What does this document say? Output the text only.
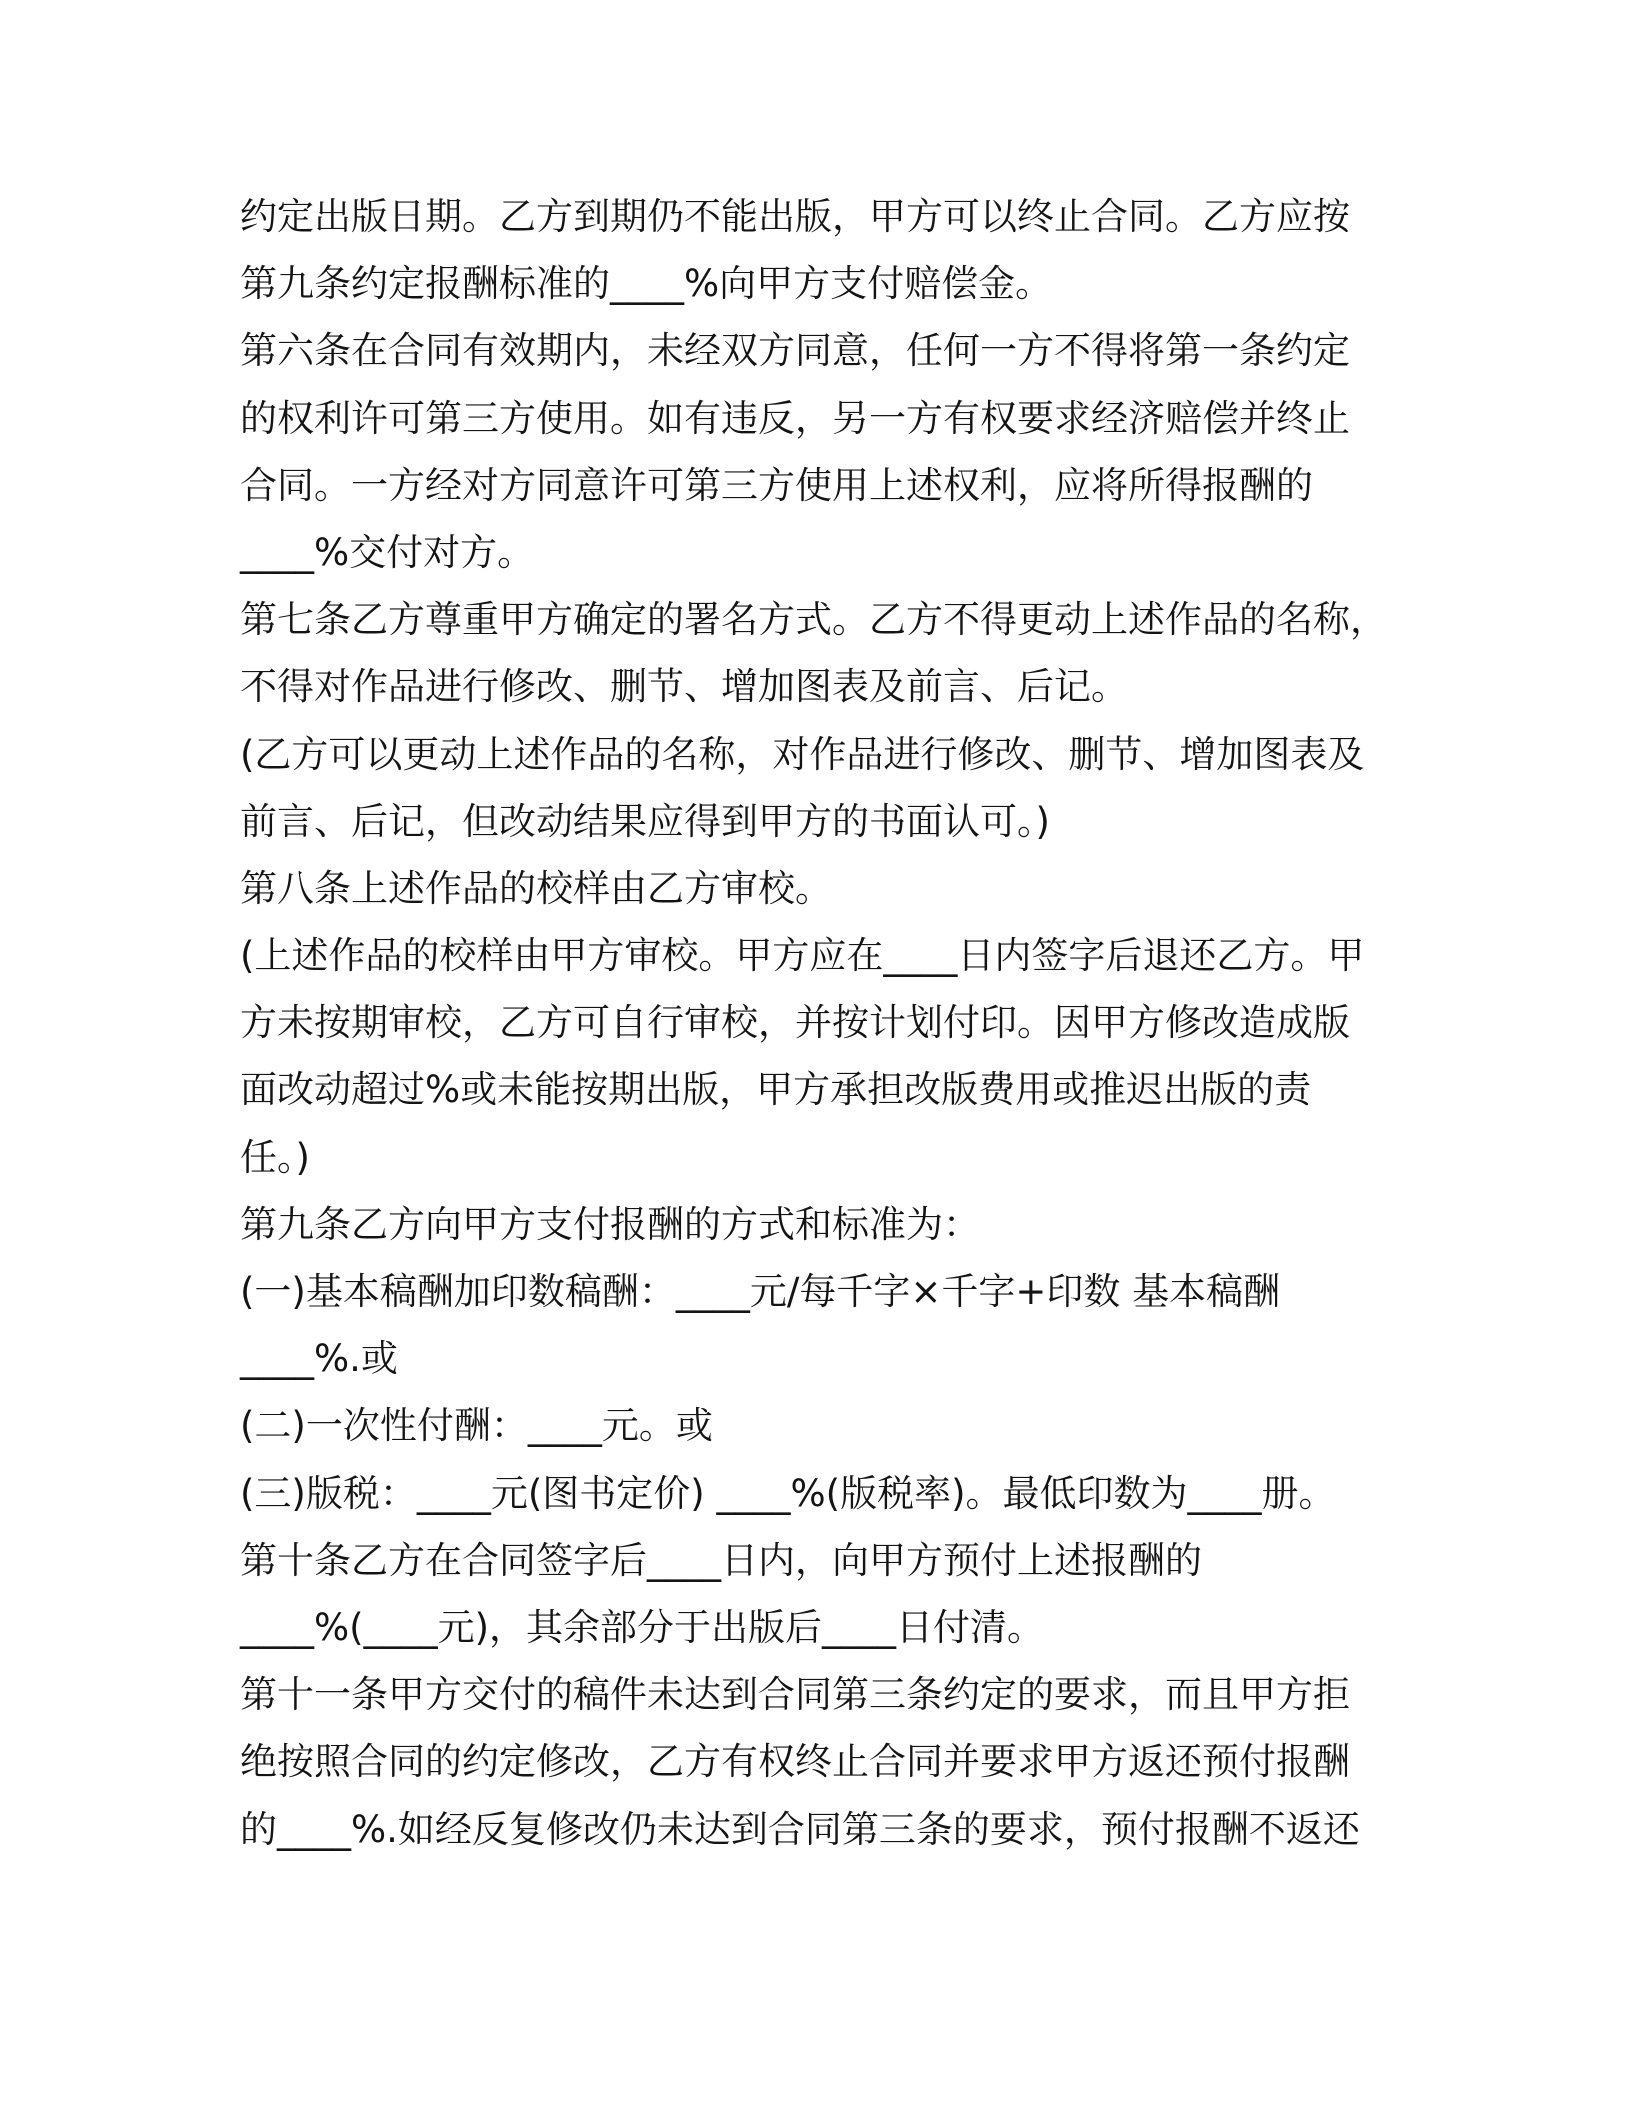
约定出版日期。乙方到期仍不能出版，甲方可以终止合同。乙方应按
第九条约定报酬标准的____%向甲方支付赔偿金。
第六条在合同有效期内，未经双方同意，任何一方不得将第一条约定
的权利许可第三方使用。如有违反，另一方有权要求经济赔偿并终止
合同。一方经对方同意许可第三方使用上述权利，应将所得报酬的
____%交付对方。
第七条乙方尊重甲方确定的署名方式。乙方不得更动上述作品的名称，
不得对作品进行修改、删节、增加图表及前言、后记。
(乙方可以更动上述作品的名称，对作品进行修改、删节、增加图表及
前言、后记，但改动结果应得到甲方的书面认可。)
第八条上述作品的校样由乙方审校。
(上述作品的校样由甲方审校。甲方应在____日内签字后退还乙方。甲
方未按期审校，乙方可自行审校，并按计划付印。因甲方修改造成版
面改动超过%或未能按期出版，甲方承担改版费用或推迟出版的责
任。)
第九条乙方向甲方支付报酬的方式和标准为：
(一)基本稿酬加印数稿酬：____元/每千字×千字+印数 基本稿酬
____%.或
(二)一次性付酬：____元。或
(三)版税：____元(图书定价) ____%(版税率)。最低印数为____册。
第十条乙方在合同签字后____日内，向甲方预付上述报酬的
____%(____元)，其余部分于出版后____日付清。
第十一条甲方交付的稿件未达到合同第三条约定的要求，而且甲方拒
绝按照合同的约定修改，乙方有权终止合同并要求甲方返还预付报酬
的____%.如经反复修改仍未达到合同第三条的要求，预付报酬不返还
